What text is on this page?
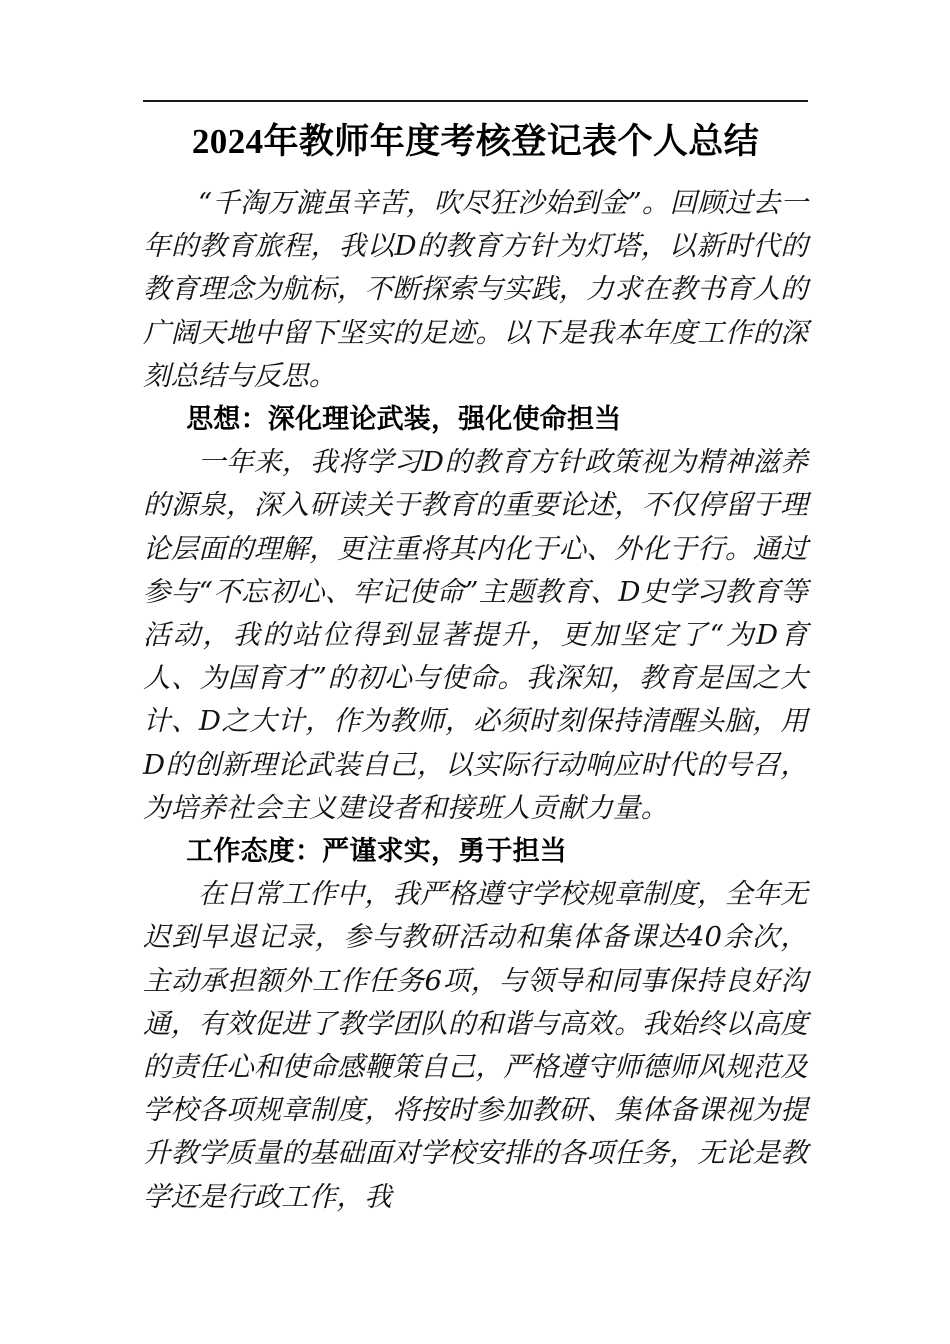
2024年教师年度考核登记表个人总结

“千淘万漉虽辛苦，吹尽狂沙始到金”。回顾过去一年的教育旅程，我以D的教育方针为灯塔，以新时代的教育理念为航标，不断探索与实践，力求在教书育人的广阔天地中留下坚实的足迹。以下是我本年度工作的深刻总结与反思。

思想：深化理论武装，强化使命担当

一年来，我将学习D的教育方针政策视为精神滋养的源泉，深入研读关于教育的重要论述，不仅停留于理论层面的理解，更注重将其内化于心、外化于行。通过参与“不忘初心、牢记使命”主题教育、D史学习教育等活动，我的站位得到显著提升，更加坚定了“为D育人、为国育才”的初心与使命。我深知，教育是国之大计、D之大计，作为教师，必须时刻保持清醒头脑，用D的创新理论武装自己，以实际行动响应时代的号召，为培养社会主义建设者和接班人贡献力量。

工作态度：严谨求实，勇于担当

在日常工作中，我严格遵守学校规章制度，全年无迟到早退记录，参与教研活动和集体备课达40余次，主动承担额外工作任务6项，与领导和同事保持良好沟通，有效促进了教学团队的和谐与高效。我始终以高度的责任心和使命感鞭策自己，严格遵守师德师风规范及学校各项规章制度，将按时参加教研、集体备课视为提升教学质量的基础面对学校安排的各项任务，无论是教学还是行政工作，我
